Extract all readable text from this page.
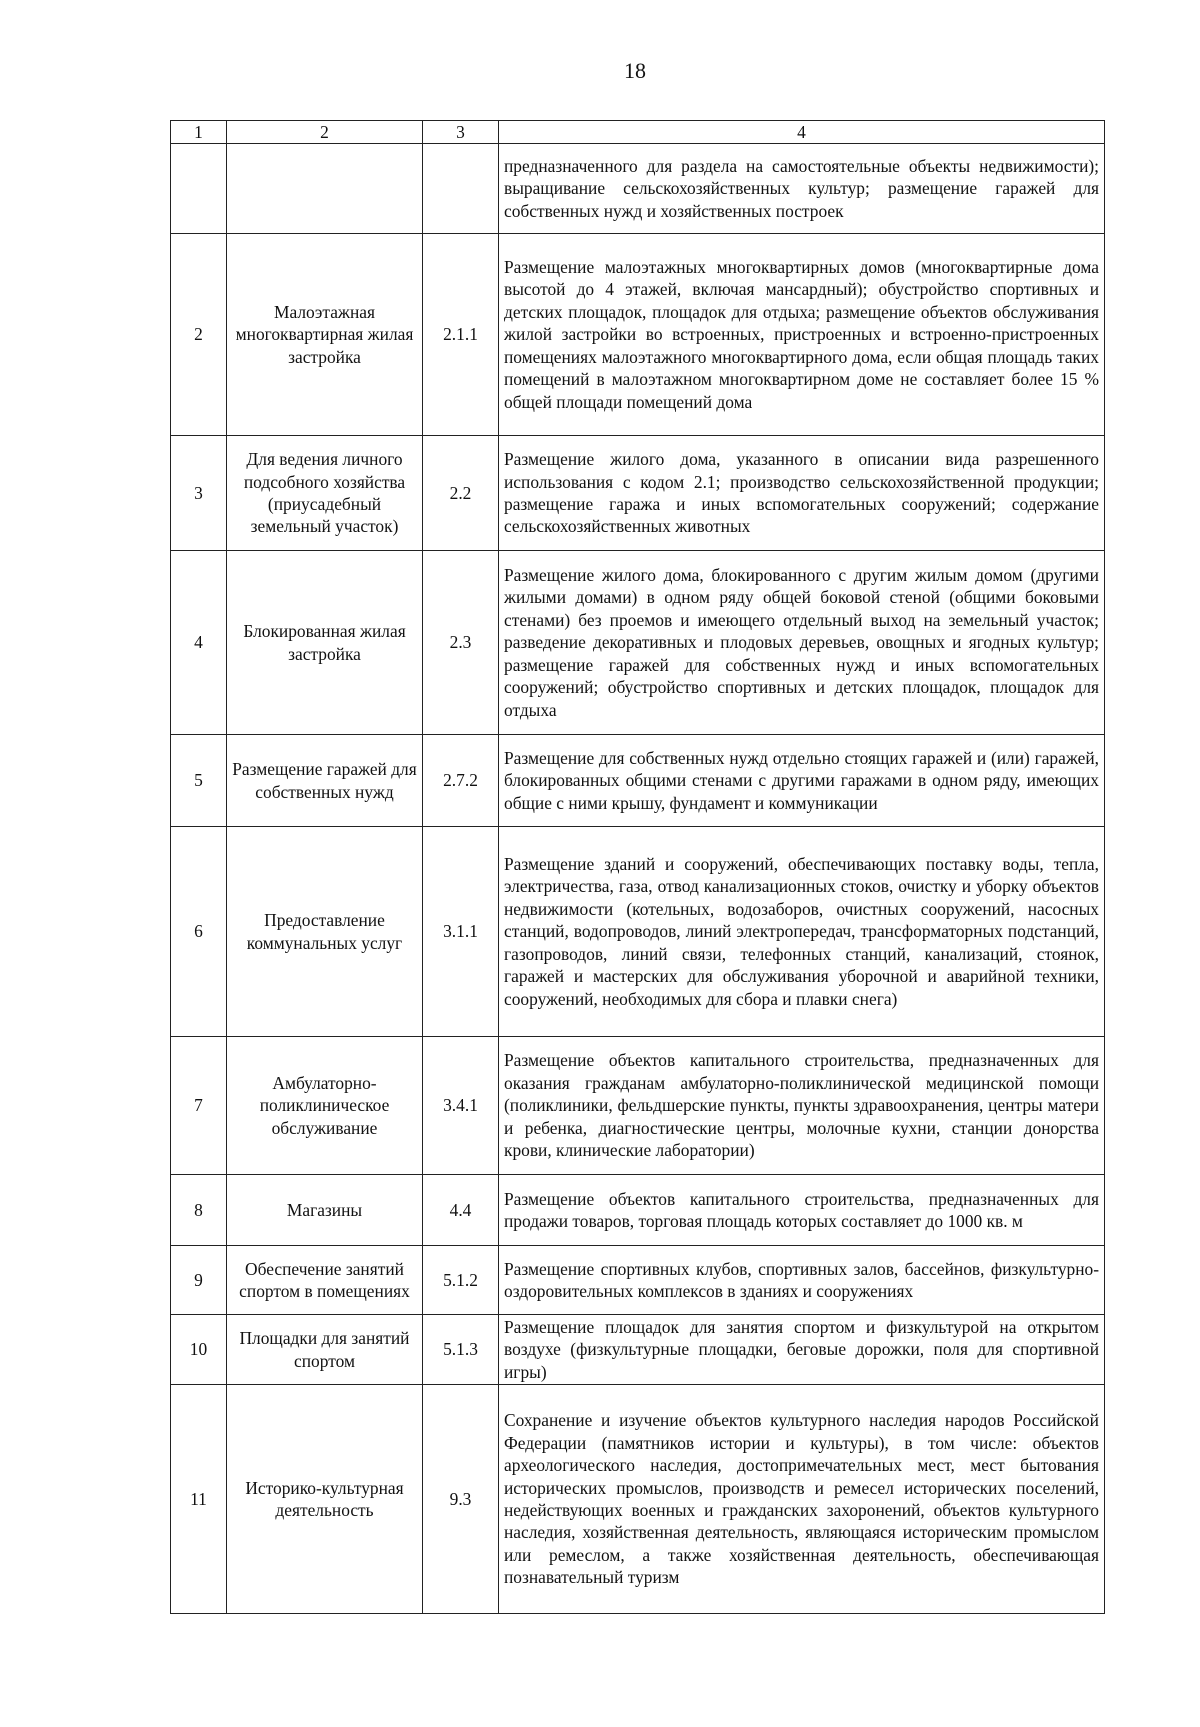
18
1	2	3	4
			предназначенного для раздела на самостоятельные объекты недвижимости); выращивание сельскохозяйственных культур; размещение гаражей для собственных нужд и хозяйственных построек
2	Малоэтажная многоквартирная жилая застройка	2.1.1	Размещение малоэтажных многоквартирных домов (многоквартирные дома высотой до 4 этажей, включая мансардный); обустройство спортивных и детских площадок, площадок для отдыха; размещение объектов обслуживания жилой застройки во встроенных, пристроенных и встроенно-пристроенных помещениях малоэтажного многоквартирного дома, если общая площадь таких помещений в малоэтажном многоквартирном доме не составляет более 15 % общей площади помещений дома
3	Для ведения личного подсобного хозяйства (приусадебный земельный участок)	2.2	Размещение жилого дома, указанного в описании вида разрешенного использования с кодом 2.1; производство сельскохозяйственной продукции; размещение гаража и иных вспомогательных сооружений; содержание сельскохозяйственных животных
4	Блокированная жилая застройка	2.3	Размещение жилого дома, блокированного с другим жилым домом (другими жилыми домами) в одном ряду общей боковой стеной (общими боковыми стенами) без проемов и имеющего отдельный выход на земельный участок; разведение декоративных и плодовых деревьев, овощных и ягодных культур; размещение гаражей для собственных нужд и иных вспомогательных сооружений; обустройство спортивных и детских площадок, площадок для отдыха
5	Размещение гаражей для собственных нужд	2.7.2	Размещение для собственных нужд отдельно стоящих гаражей и (или) гаражей, блокированных общими стенами с другими гаражами в одном ряду, имеющих общие с ними крышу, фундамент и коммуникации
6	Предоставление коммунальных услуг	3.1.1	Размещение зданий и сооружений, обеспечивающих поставку воды, тепла, электричества, газа, отвод канализационных стоков, очистку и уборку объектов недвижимости (котельных, водозаборов, очистных сооружений, насосных станций, водопроводов, линий электропередач, трансформаторных подстанций, газопроводов, линий связи, телефонных станций, канализаций, стоянок, гаражей и мастерских для обслуживания уборочной и аварийной техники, сооружений, необходимых для сбора и плавки снега)
7	Амбулаторно-поликлиническое обслуживание	3.4.1	Размещение объектов капитального строительства, предназначенных для оказания гражданам амбулаторно-поликлинической медицинской помощи (поликлиники, фельдшерские пункты, пункты здравоохранения, центры матери и ребенка, диагностические центры, молочные кухни, станции донорства крови, клинические лаборатории)
8	Магазины	4.4	Размещение объектов капитального строительства, предназначенных для продажи товаров, торговая площадь которых составляет до 1000 кв. м
9	Обеспечение занятий спортом в помещениях	5.1.2	Размещение спортивных клубов, спортивных залов, бассейнов, физкультурно-оздоровительных комплексов в зданиях и сооружениях
10	Площадки для занятий спортом	5.1.3	Размещение площадок для занятия спортом и физкультурой на открытом воздухе (физкультурные площадки, беговые дорожки, поля для спортивной игры)
11	Историко-культурная деятельность	9.3	Сохранение и изучение объектов культурного наследия народов Российской Федерации (памятников истории и культуры), в том числе: объектов археологического наследия, достопримечательных мест, мест бытования исторических промыслов, производств и ремесел исторических поселений, недействующих военных и гражданских захоронений, объектов культурного наследия, хозяйственная деятельность, являющаяся историческим промыслом или ремеслом, а также хозяйственная деятельность, обеспечивающая познавательный туризм
